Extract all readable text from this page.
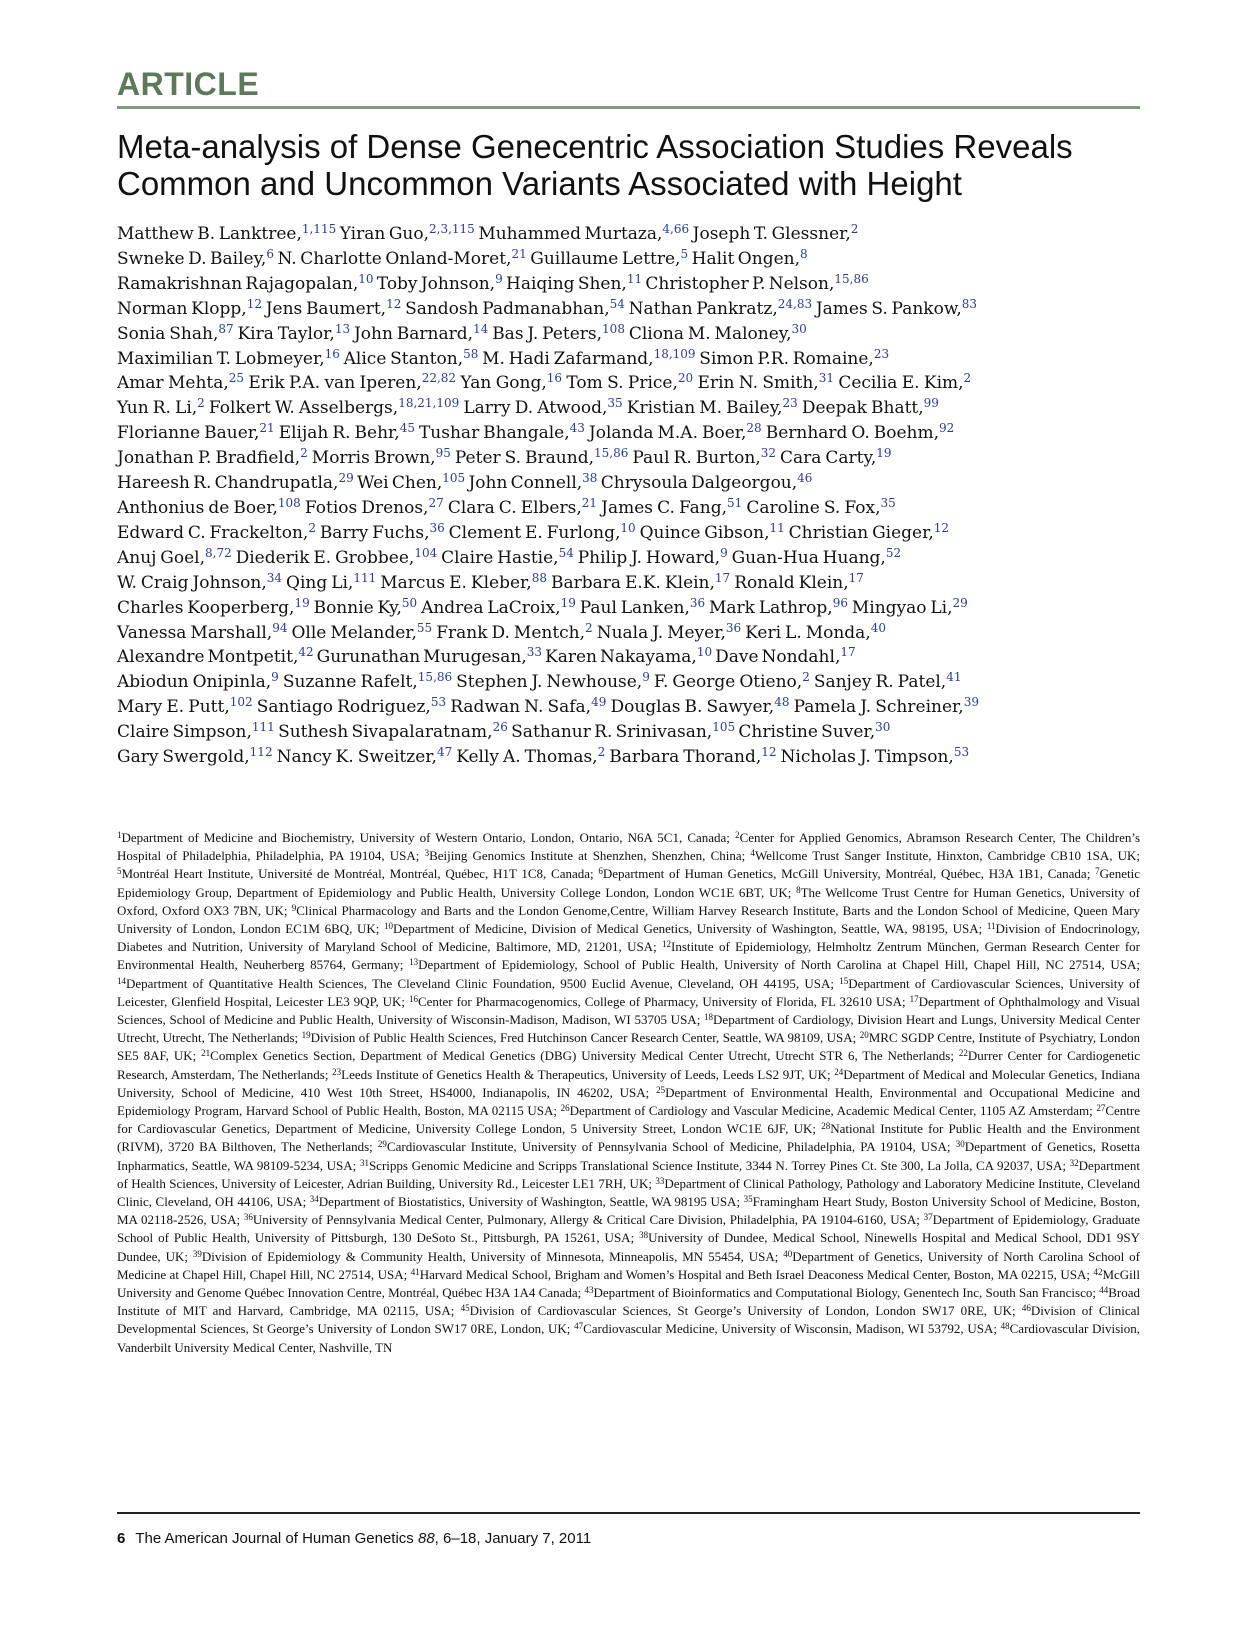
ARTICLE
Meta-analysis of Dense Genecentric Association Studies Reveals
Common and Uncommon Variants Associated with Height
Matthew B. Lanktree,$^{1,115}$ Yiran Guo,$^{2,3,115}$ Muhammed Murtaza,$^{4,66}$ Joseph T. Glessner,$^2$
Swneke D. Bailey,$^6$ N. Charlotte Onland-Moret,$^{21}$ Guillaume Lettre,$^5$ Halit Ongen,$^8$
Ramakrishnan Rajagopalan,$^{10}$ Toby Johnson,$^9$ Haiqing Shen,$^{11}$ Christopher P. Nelson,$^{15,86}$
Norman Klopp,$^{12}$ Jens Baumert,$^{12}$ Sandosh Padmanabhan,$^{54}$ Nathan Pankratz,$^{24,83}$ James S. Pankow,$^{83}$
Sonia Shah,$^{87}$ Kira Taylor,$^{13}$ John Barnard,$^{14}$ Bas J. Peters,$^{108}$ Cliona M. Maloney,$^{30}$
Maximilian T. Lobmeyer,$^{16}$ Alice Stanton,$^{58}$ M. Hadi Zafarmand,$^{18,109}$ Simon P.R. Romaine,$^{23}$
Amar Mehta,$^{25}$ Erik P.A. van Iperen,$^{22,82}$ Yan Gong,$^{16}$ Tom S. Price,$^{20}$ Erin N. Smith,$^{31}$ Cecilia E. Kim,$^2$
Yun R. Li,$^2$ Folkert W. Asselbergs,$^{18,21,109}$ Larry D. Atwood,$^{35}$ Kristian M. Bailey,$^{23}$ Deepak Bhatt,$^{99}$
Florianne Bauer,$^{21}$ Elijah R. Behr,$^{45}$ Tushar Bhangale,$^{43}$ Jolanda M.A. Boer,$^{28}$ Bernhard O. Boehm,$^{92}$
Jonathan P. Bradfield,$^2$ Morris Brown,$^{95}$ Peter S. Braund,$^{15,86}$ Paul R. Burton,$^{32}$ Cara Carty,$^{19}$
Hareesh R. Chandrupatla,$^{29}$ Wei Chen,$^{105}$ John Connell,$^{38}$ Chrysoula Dalgeorgou,$^{46}$
Anthonius de Boer,$^{108}$ Fotios Drenos,$^{27}$ Clara C. Elbers,$^{21}$ James C. Fang,$^{51}$ Caroline S. Fox,$^{35}$
Edward C. Frackelton,$^2$ Barry Fuchs,$^{36}$ Clement E. Furlong,$^{10}$ Quince Gibson,$^{11}$ Christian Gieger,$^{12}$
Anuj Goel,$^{8,72}$ Diederik E. Grobbee,$^{104}$ Claire Hastie,$^{54}$ Philip J. Howard,$^9$ Guan-Hua Huang,$^{52}$
W. Craig Johnson,$^{34}$ Qing Li,$^{111}$ Marcus E. Kleber,$^{88}$ Barbara E.K. Klein,$^{17}$ Ronald Klein,$^{17}$
Charles Kooperberg,$^{19}$ Bonnie Ky,$^{50}$ Andrea LaCroix,$^{19}$ Paul Lanken,$^{36}$ Mark Lathrop,$^{96}$ Mingyao Li,$^{29}$
Vanessa Marshall,$^{94}$ Olle Melander,$^{55}$ Frank D. Mentch,$^2$ Nuala J. Meyer,$^{36}$ Keri L. Monda,$^{40}$
Alexandre Montpetit,$^{42}$ Gurunathan Murugesan,$^{33}$ Karen Nakayama,$^{10}$ Dave Nondahl,$^{17}$
Abiodun Onipinla,$^9$ Suzanne Rafelt,$^{15,86}$ Stephen J. Newhouse,$^9$ F. George Otieno,$^2$ Sanjey R. Patel,$^{41}$
Mary E. Putt,$^{102}$ Santiago Rodriguez,$^{53}$ Radwan N. Safa,$^{49}$ Douglas B. Sawyer,$^{48}$ Pamela J. Schreiner,$^{39}$
Claire Simpson,$^{111}$ Suthesh Sivapalaratnam,$^{26}$ Sathanur R. Srinivasan,$^{105}$ Christine Suver,$^{30}$
Gary Swergold,$^{112}$ Nancy K. Sweitzer,$^{47}$ Kelly A. Thomas,$^2$ Barbara Thorand,$^{12}$ Nicholas J. Timpson,$^{53}$
$^1$Department of Medicine and Biochemistry, University of Western Ontario, London, Ontario, N6A 5C1, Canada; $^2$Center for Applied Genomics, Abramson Research Center, The Children’s Hospital of Philadelphia, Philadelphia, PA 19104, USA; $^3$Beijing Genomics Institute at Shenzhen, Shenzhen, China; $^4$Wellcome Trust Sanger Institute, Hinxton, Cambridge CB10 1SA, UK; $^5$Montréal Heart Institute, Université de Montréal, Montréal, Québec, H1T 1C8, Canada; $^6$Department of Human Genetics, McGill University, Montréal, Québec, H3A 1B1, Canada; $^7$Genetic Epidemiology Group, Department of Epidemiology and Public Health, University College London, London WC1E 6BT, UK; $^8$The Wellcome Trust Centre for Human Genetics, University of Oxford, Oxford OX3 7BN, UK; $^9$Clinical Pharmacology and Barts and the London Genome,Centre, William Harvey Research Institute, Barts and the London School of Medicine, Queen Mary University of London, London EC1M 6BQ, UK; $^{10}$Department of Medicine, Division of Medical Genetics, University of Washington, Seattle, WA, 98195, USA; $^{11}$Division of Endocrinology, Diabetes and Nutrition, University of Maryland School of Medicine, Baltimore, MD, 21201, USA; $^{12}$Institute of Epidemiology, Helmholtz Zentrum München, German Research Center for Environmental Health, Neuherberg 85764, Germany; $^{13}$Department of Epidemiology, School of Public Health, University of North Carolina at Chapel Hill, Chapel Hill, NC 27514, USA; $^{14}$Department of Quantitative Health Sciences, The Cleveland Clinic Foundation, 9500 Euclid Avenue, Cleveland, OH 44195, USA; $^{15}$Department of Cardiovascular Sciences, University of Leicester, Glenfield Hospital, Leicester LE3 9QP, UK; $^{16}$Center for Pharmacogenomics, College of Pharmacy, University of Florida, FL 32610 USA; $^{17}$Department of Ophthalmology and Visual Sciences, School of Medicine and Public Health, University of Wisconsin-Madison, Madison, WI 53705 USA; $^{18}$Department of Cardiology, Division Heart and Lungs, University Medical Center Utrecht, Utrecht, The Netherlands; $^{19}$Division of Public Health Sciences, Fred Hutchinson Cancer Research Center, Seattle, WA 98109, USA; $^{20}$MRC SGDP Centre, Institute of Psychiatry, London SE5 8AF, UK; $^{21}$Complex Genetics Section, Department of Medical Genetics (DBG) University Medical Center Utrecht, Utrecht STR 6, The Netherlands; $^{22}$Durrer Center for Cardiogenetic Research, Amsterdam, The Netherlands; $^{23}$Leeds Institute of Genetics Health & Therapeutics, University of Leeds, Leeds LS2 9JT, UK; $^{24}$Department of Medical and Molecular Genetics, Indiana University, School of Medicine, 410 West 10th Street, HS4000, Indianapolis, IN 46202, USA; $^{25}$Department of Environmental Health, Environmental and Occupational Medicine and Epidemiology Program, Harvard School of Public Health, Boston, MA 02115 USA; $^{26}$Department of Cardiology and Vascular Medicine, Academic Medical Center, 1105 AZ Amsterdam; $^{27}$Centre for Cardiovascular Genetics, Department of Medicine, University College London, 5 University Street, London WC1E 6JF, UK; $^{28}$National Institute for Public Health and the Environment (RIVM), 3720 BA Bilthoven, The Netherlands; $^{29}$Cardiovascular Institute, University of Pennsylvania School of Medicine, Philadelphia, PA 19104, USA; $^{30}$Department of Genetics, Rosetta Inpharmatics, Seattle, WA 98109-5234, USA; $^{31}$Scripps Genomic Medicine and Scripps Translational Science Institute, 3344 N. Torrey Pines Ct. Ste 300, La Jolla, CA 92037, USA; $^{32}$Department of Health Sciences, University of Leicester, Adrian Building, University Rd., Leicester LE1 7RH, UK; $^{33}$Department of Clinical Pathology, Pathology and Laboratory Medicine Institute, Cleveland Clinic, Cleveland, OH 44106, USA; $^{34}$Department of Biostatistics, University of Washington, Seattle, WA 98195 USA; $^{35}$Framingham Heart Study, Boston University School of Medicine, Boston, MA 02118-2526, USA; $^{36}$University of Pennsylvania Medical Center, Pulmonary, Allergy & Critical Care Division, Philadelphia, PA 19104-6160, USA; $^{37}$Department of Epidemiology, Graduate School of Public Health, University of Pittsburgh, 130 DeSoto St., Pittsburgh, PA 15261, USA; $^{38}$University of Dundee, Medical School, Ninewells Hospital and Medical School, DD1 9SY Dundee, UK; $^{39}$Division of Epidemiology & Community Health, University of Minnesota, Minneapolis, MN 55454, USA; $^{40}$Department of Genetics, University of North Carolina School of Medicine at Chapel Hill, Chapel Hill, NC 27514, USA; $^{41}$Harvard Medical School, Brigham and Women’s Hospital and Beth Israel Deaconess Medical Center, Boston, MA 02215, USA; $^{42}$McGill University and Genome Québec Innovation Centre, Montréal, Québec H3A 1A4 Canada; $^{43}$Department of Bioinformatics and Computational Biology, Genentech Inc, South San Francisco; $^{44}$Broad Institute of MIT and Harvard, Cambridge, MA 02115, USA; $^{45}$Division of Cardiovascular Sciences, St George’s University of London, London SW17 0RE, UK; $^{46}$Division of Clinical Developmental Sciences, St George’s University of London SW17 0RE, London, UK; $^{47}$Cardiovascular Medicine, University of Wisconsin, Madison, WI 53792, USA; $^{48}$Cardiovascular Division, Vanderbilt University Medical Center, Nashville, TN
6 The American Journal of Human Genetics 88, 6–18, January 7, 2011
